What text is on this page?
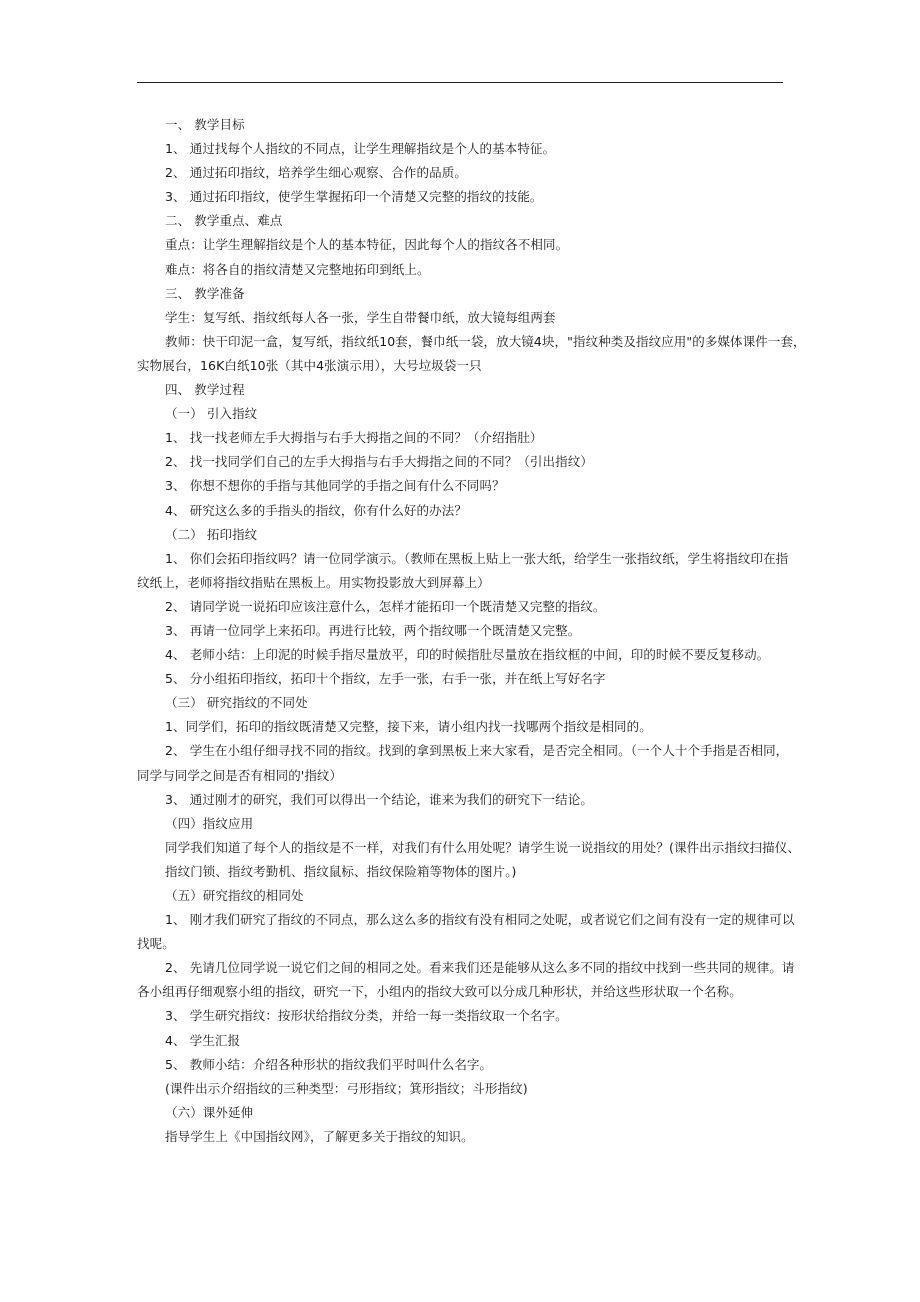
一、 教学目标
1、 通过找每个人指纹的不同点，让学生理解指纹是个人的基本特征。
2、 通过拓印指纹，培养学生细心观察、合作的品质。
3、 通过拓印指纹，使学生掌握拓印一个清楚又完整的指纹的技能。
二、 教学重点、难点
重点：让学生理解指纹是个人的基本特征，因此每个人的指纹各不相同。
难点：将各自的指纹清楚又完整地拓印到纸上。
三、 教学准备
学生：复写纸、指纹纸每人各一张，学生自带餐巾纸，放大镜每组两套
教师：快干印泥一盒，复写纸，指纹纸10套，餐巾纸一袋，放大镜4块，"指纹种类及指纹应用"的多媒体课件一套，
实物展台，16K白纸10张（其中4张演示用），大号垃圾袋一只
四、 教学过程
（一） 引入指纹
1、 找一找老师左手大拇指与右手大拇指之间的不同？（介绍指肚）
2、 找一找同学们自己的左手大拇指与右手大拇指之间的不同？（引出指纹）
3、 你想不想你的手指与其他同学的手指之间有什么不同吗？
4、 研究这么多的手指头的指纹，你有什么好的办法？
（二） 拓印指纹
1、 你们会拓印指纹吗？请一位同学演示。（教师在黑板上贴上一张大纸，给学生一张指纹纸，学生将指纹印在指
纹纸上，老师将指纹指贴在黑板上。用实物投影放大到屏幕上）
2、 请同学说一说拓印应该注意什么，怎样才能拓印一个既清楚又完整的指纹。
3、 再请一位同学上来拓印。再进行比较，两个指纹哪一个既清楚又完整。
4、 老师小结：上印泥的时候手指尽量放平，印的时候指肚尽量放在指纹框的中间，印的时候不要反复移动。
5、 分小组拓印指纹，拓印十个指纹，左手一张，右手一张，并在纸上写好名字
（三） 研究指纹的不同处
1、同学们，拓印的指纹既清楚又完整，接下来，请小组内找一找哪两个指纹是相同的。
2、 学生在小组仔细寻找不同的指纹。找到的拿到黑板上来大家看，是否完全相同。（一个人十个手指是否相同，
同学与同学之间是否有相同的'指纹）
3、 通过刚才的研究，我们可以得出一个结论，谁来为我们的研究下一结论。
（四）指纹应用
同学我们知道了每个人的指纹是不一样，对我们有什么用处呢？请学生说一说指纹的用处？(课件出示指纹扫描仪、
指纹门锁、指纹考勤机、指纹鼠标、指纹保险箱等物体的图片。)
（五）研究指纹的相同处
1、 刚才我们研究了指纹的不同点，那么这么多的指纹有没有相同之处呢，或者说它们之间有没有一定的规律可以
找呢。
2、 先请几位同学说一说它们之间的相同之处。看来我们还是能够从这么多不同的指纹中找到一些共同的规律。请
各小组再仔细观察小组的指纹，研究一下，小组内的指纹大致可以分成几种形状，并给这些形状取一个名称。
3、 学生研究指纹：按形状给指纹分类，并给一每一类指纹取一个名字。
4、 学生汇报
5、 教师小结：介绍各种形状的指纹我们平时叫什么名字。
(课件出示介绍指纹的三种类型：弓形指纹；箕形指纹；斗形指纹)
（六）课外延伸
指导学生上《中国指纹网》，了解更多关于指纹的知识。
